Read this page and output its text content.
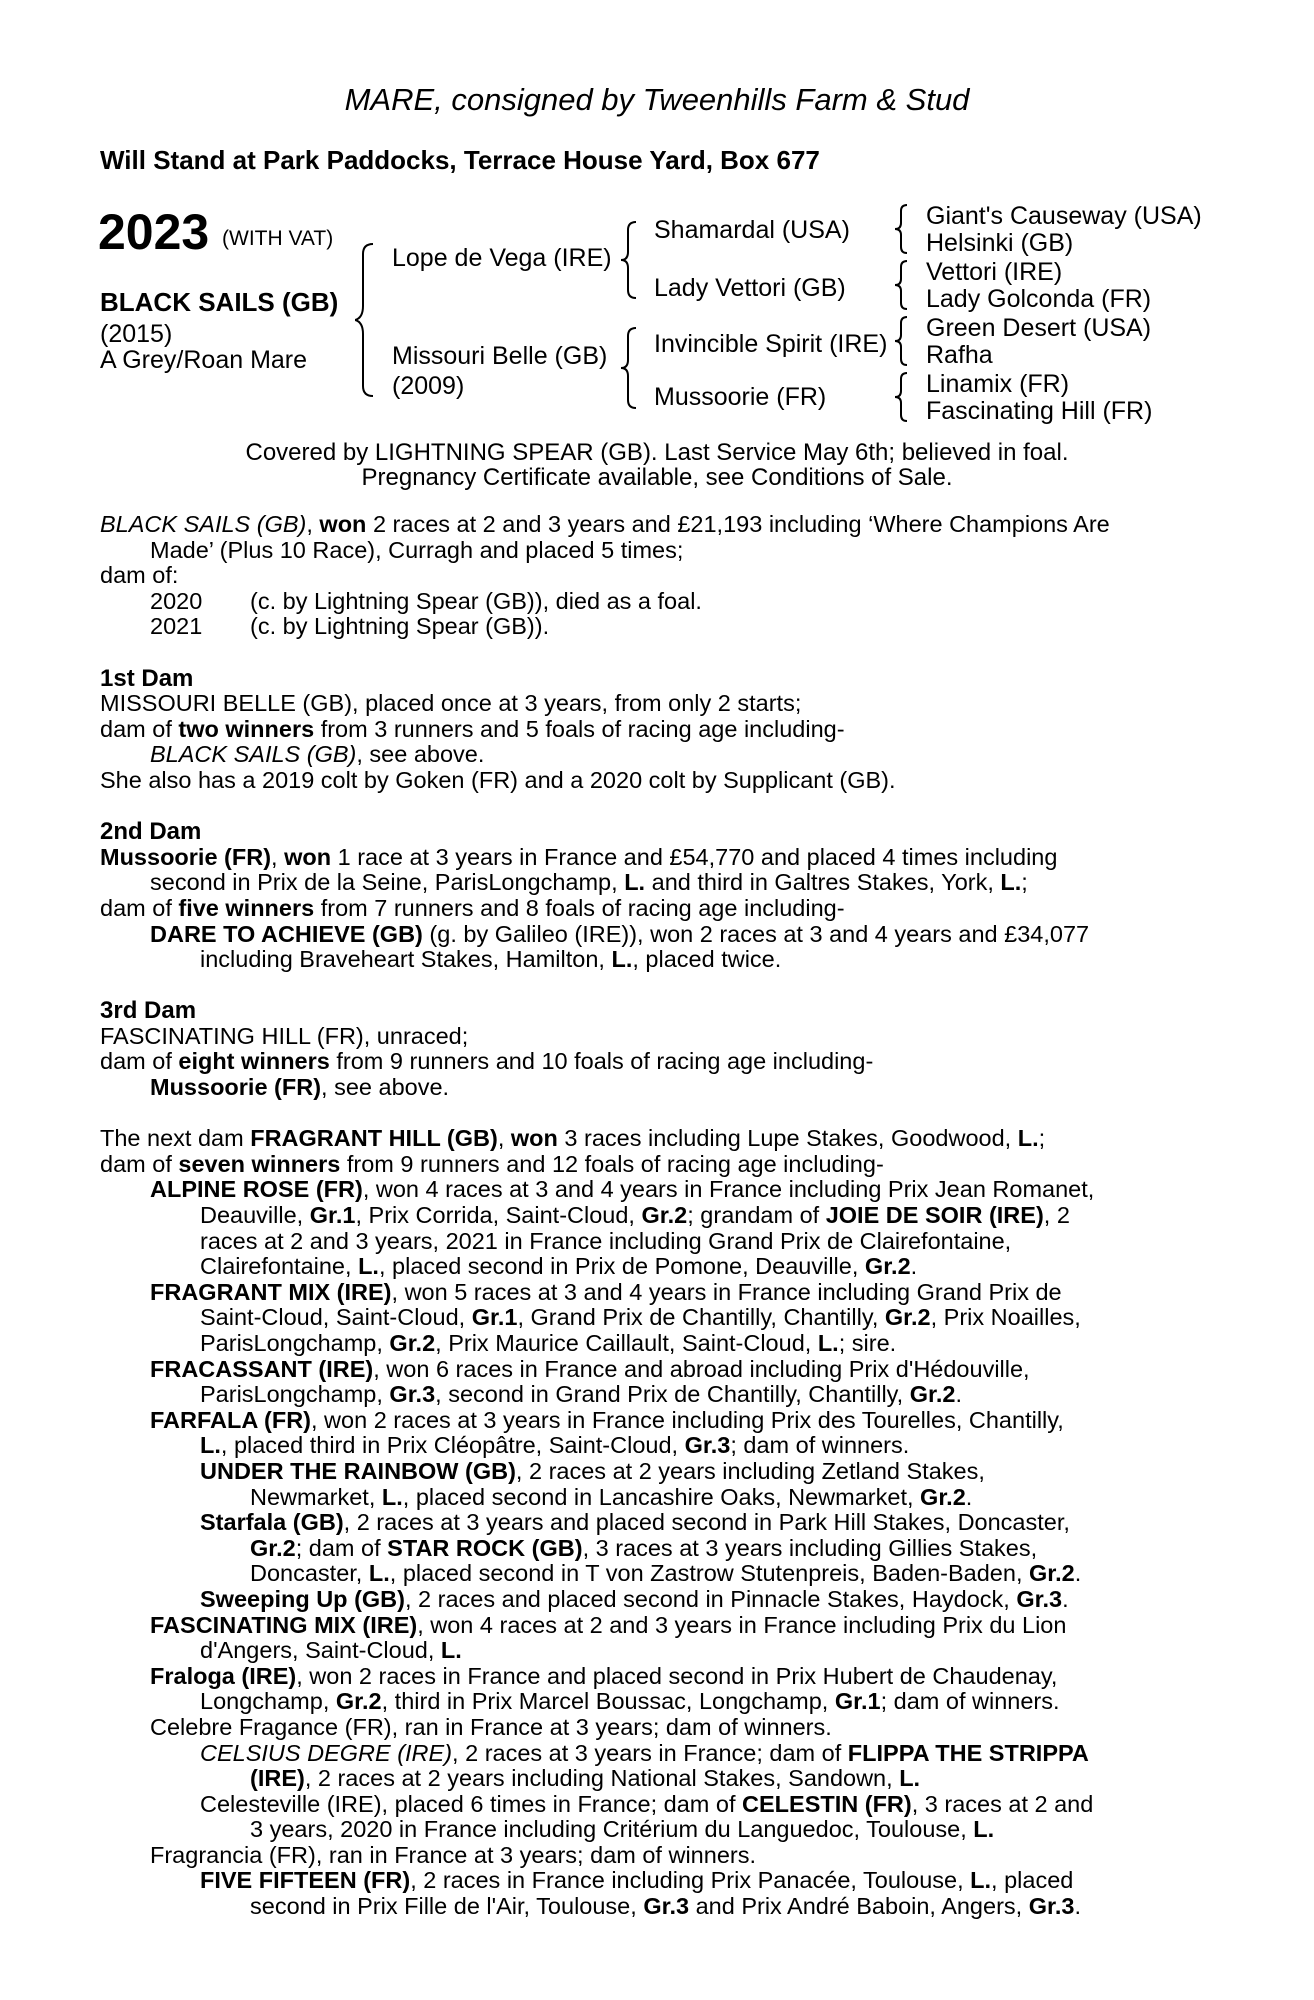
MARE, consigned by Tweenhills Farm & Stud
Will Stand at Park Paddocks, Terrace House Yard, Box 677
2023 (WITH VAT)
BLACK SAILS (GB)
(2015)
A Grey/Roan Mare
Lope de Vega (IRE)
Missouri Belle (GB)
(2009)
Shamardal (USA)
Lady Vettori (GB)
Invincible Spirit (IRE)
Mussoorie (FR)
Giant's Causeway (USA)
Helsinki (GB)
Vettori (IRE)
Lady Golconda (FR)
Green Desert (USA)
Rafha
Linamix (FR)
Fascinating Hill (FR)
Covered by LIGHTNING SPEAR (GB). Last Service May 6th; believed in foal.
Pregnancy Certificate available, see Conditions of Sale.
BLACK SAILS (GB), won 2 races at 2 and 3 years and £21,193 including ‘Where Champions Are
Made’ (Plus 10 Race), Curragh and placed 5 times;
dam of:
2020 (c. by Lightning Spear (GB)), died as a foal.
2021 (c. by Lightning Spear (GB)).
1st Dam
MISSOURI BELLE (GB), placed once at 3 years, from only 2 starts;
dam of two winners from 3 runners and 5 foals of racing age including-
BLACK SAILS (GB), see above.
She also has a 2019 colt by Goken (FR) and a 2020 colt by Supplicant (GB).
2nd Dam
Mussoorie (FR), won 1 race at 3 years in France and £54,770 and placed 4 times including
second in Prix de la Seine, ParisLongchamp, L. and third in Galtres Stakes, York, L.;
dam of five winners from 7 runners and 8 foals of racing age including-
DARE TO ACHIEVE (GB) (g. by Galileo (IRE)), won 2 races at 3 and 4 years and £34,077
including Braveheart Stakes, Hamilton, L., placed twice.
3rd Dam
FASCINATING HILL (FR), unraced;
dam of eight winners from 9 runners and 10 foals of racing age including-
Mussoorie (FR), see above.
The next dam FRAGRANT HILL (GB), won 3 races including Lupe Stakes, Goodwood, L.;
dam of seven winners from 9 runners and 12 foals of racing age including-
ALPINE ROSE (FR), won 4 races at 3 and 4 years in France including Prix Jean Romanet,
Deauville, Gr.1, Prix Corrida, Saint-Cloud, Gr.2; grandam of JOIE DE SOIR (IRE), 2
races at 2 and 3 years, 2021 in France including Grand Prix de Clairefontaine,
Clairefontaine, L., placed second in Prix de Pomone, Deauville, Gr.2.
FRAGRANT MIX (IRE), won 5 races at 3 and 4 years in France including Grand Prix de
Saint-Cloud, Saint-Cloud, Gr.1, Grand Prix de Chantilly, Chantilly, Gr.2, Prix Noailles,
ParisLongchamp, Gr.2, Prix Maurice Caillault, Saint-Cloud, L.; sire.
FRACASSANT (IRE), won 6 races in France and abroad including Prix d'Hédouville,
ParisLongchamp, Gr.3, second in Grand Prix de Chantilly, Chantilly, Gr.2.
FARFALA (FR), won 2 races at 3 years in France including Prix des Tourelles, Chantilly,
L., placed third in Prix Cléopâtre, Saint-Cloud, Gr.3; dam of winners.
UNDER THE RAINBOW (GB), 2 races at 2 years including Zetland Stakes,
Newmarket, L., placed second in Lancashire Oaks, Newmarket, Gr.2.
Starfala (GB), 2 races at 3 years and placed second in Park Hill Stakes, Doncaster,
Gr.2; dam of STAR ROCK (GB), 3 races at 3 years including Gillies Stakes,
Doncaster, L., placed second in T von Zastrow Stutenpreis, Baden-Baden, Gr.2.
Sweeping Up (GB), 2 races and placed second in Pinnacle Stakes, Haydock, Gr.3.
FASCINATING MIX (IRE), won 4 races at 2 and 3 years in France including Prix du Lion
d'Angers, Saint-Cloud, L.
Fraloga (IRE), won 2 races in France and placed second in Prix Hubert de Chaudenay,
Longchamp, Gr.2, third in Prix Marcel Boussac, Longchamp, Gr.1; dam of winners.
Celebre Fragance (FR), ran in France at 3 years; dam of winners.
CELSIUS DEGRE (IRE), 2 races at 3 years in France; dam of FLIPPA THE STRIPPA
(IRE), 2 races at 2 years including National Stakes, Sandown, L.
Celesteville (IRE), placed 6 times in France; dam of CELESTIN (FR), 3 races at 2 and
3 years, 2020 in France including Critérium du Languedoc, Toulouse, L.
Fragrancia (FR), ran in France at 3 years; dam of winners.
FIVE FIFTEEN (FR), 2 races in France including Prix Panacée, Toulouse, L., placed
second in Prix Fille de l'Air, Toulouse, Gr.3 and Prix André Baboin, Angers, Gr.3.
